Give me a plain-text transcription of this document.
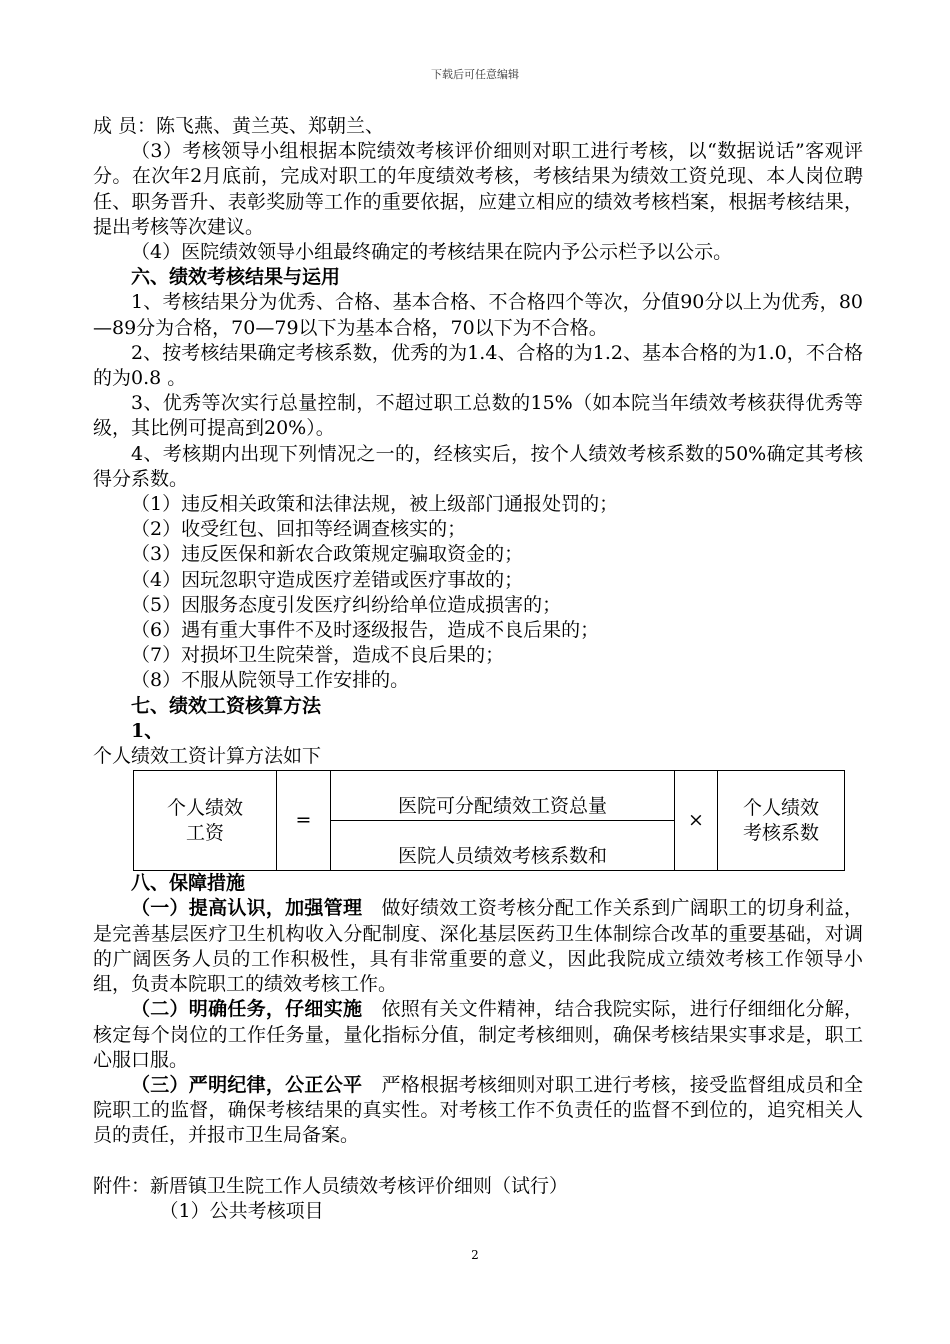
下载后可任意编辑

成 员：陈飞燕、黄兰英、郑朝兰、

（3）考核领导小组根据本院绩效考核评价细则对职工进行考核，以“数据说话”客观评分。在次年2月底前，完成对职工的年度绩效考核，考核结果为绩效工资兑现、本人岗位聘任、职务晋升、表彰奖励等工作的重要依据，应建立相应的绩效考核档案，根据考核结果，提出考核等次建议。

（4）医院绩效领导小组最终确定的考核结果在院内予公示栏予以公示。

六、绩效考核结果与运用

1、考核结果分为优秀、合格、基本合格、不合格四个等次，分值90分以上为优秀，80—89分为合格，70—79以下为基本合格，70以下为不合格。

2、按考核结果确定考核系数，优秀的为1.4、合格的为1.2、基本合格的为1.0，不合格的为0.8 。

3、优秀等次实行总量控制，不超过职工总数的15%（如本院当年绩效考核获得优秀等级，其比例可提高到20%）。

4、考核期内出现下列情况之一的，经核实后，按个人绩效考核系数的50%确定其考核得分系数。

（1）违反相关政策和法律法规，被上级部门通报处罚的；

（2）收受红包、回扣等经调查核实的；

（3）违反医保和新农合政策规定骗取资金的；

（4）因玩忽职守造成医疗差错或医疗事故的；

（5）因服务态度引发医疗纠纷给单位造成损害的；

（6）遇有重大事件不及时逐级报告，造成不良后果的；

（7）对损坏卫生院荣誉，造成不良后果的；

（8）不服从院领导工作安排的。

七、绩效工资核算方法

1、

个人绩效工资计算方法如下

个人绩效
工资
	=	医院可分配绩效工资总量	×	
个人绩效
考核系数

医院人员绩效考核系数和

八、保障措施

（一）提高认识，加强管理　 做好绩效工资考核分配工作关系到广阔职工的切身利益，是完善基层医疗卫生机构收入分配制度、深化基层医药卫生体制综合改革的重要基础，对调的广阔医务人员的工作积极性，具有非常重要的意义，因此我院成立绩效考核工作领导小组，负责本院职工的绩效考核工作。

（二）明确任务，仔细实施　 依照有关文件精神，结合我院实际，进行仔细细化分解，核定每个岗位的工作任务量，量化指标分值，制定考核细则，确保考核结果实事求是，职工心服口服。

（三）严明纪律，公正公平　 严格根据考核细则对职工进行考核，接受监督组成员和全院职工的监督，确保考核结果的真实性。对考核工作不负责任的监督不到位的，追究相关人员的责任，并报市卫生局备案。

附件：新厝镇卫生院工作人员绩效考核评价细则（试行）

（1）公共考核项目

2
